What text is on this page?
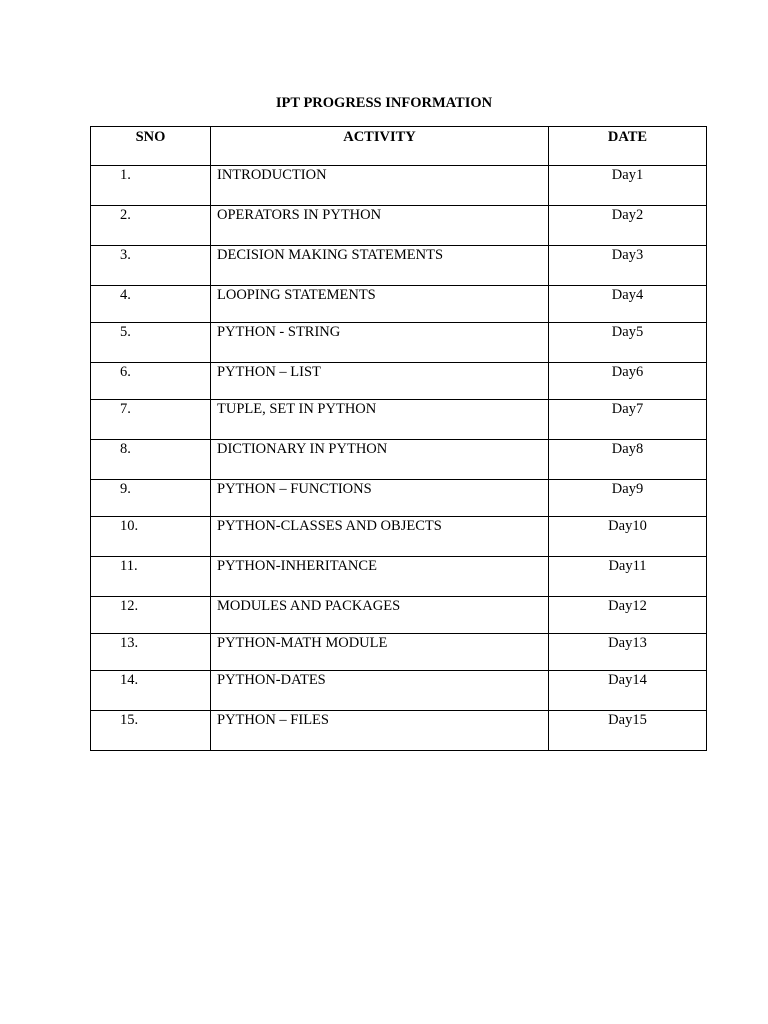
IPT PROGRESS INFORMATION
SNO	ACTIVITY	DATE
1.	INTRODUCTION	Day1
2.	OPERATORS IN PYTHON	Day2
3.	DECISION MAKING STATEMENTS	Day3
4.	LOOPING STATEMENTS	Day4
5.	PYTHON - STRING	Day5
6.	PYTHON – LIST	Day6
7.	TUPLE, SET IN PYTHON	Day7
8.	DICTIONARY IN PYTHON	Day8
9.	PYTHON – FUNCTIONS	Day9
10.	PYTHON-CLASSES AND OBJECTS	Day10
11.	PYTHON-INHERITANCE	Day11
12.	MODULES AND PACKAGES	Day12
13.	PYTHON-MATH MODULE	Day13
14.	PYTHON-DATES	Day14
15.	PYTHON – FILES	Day15
